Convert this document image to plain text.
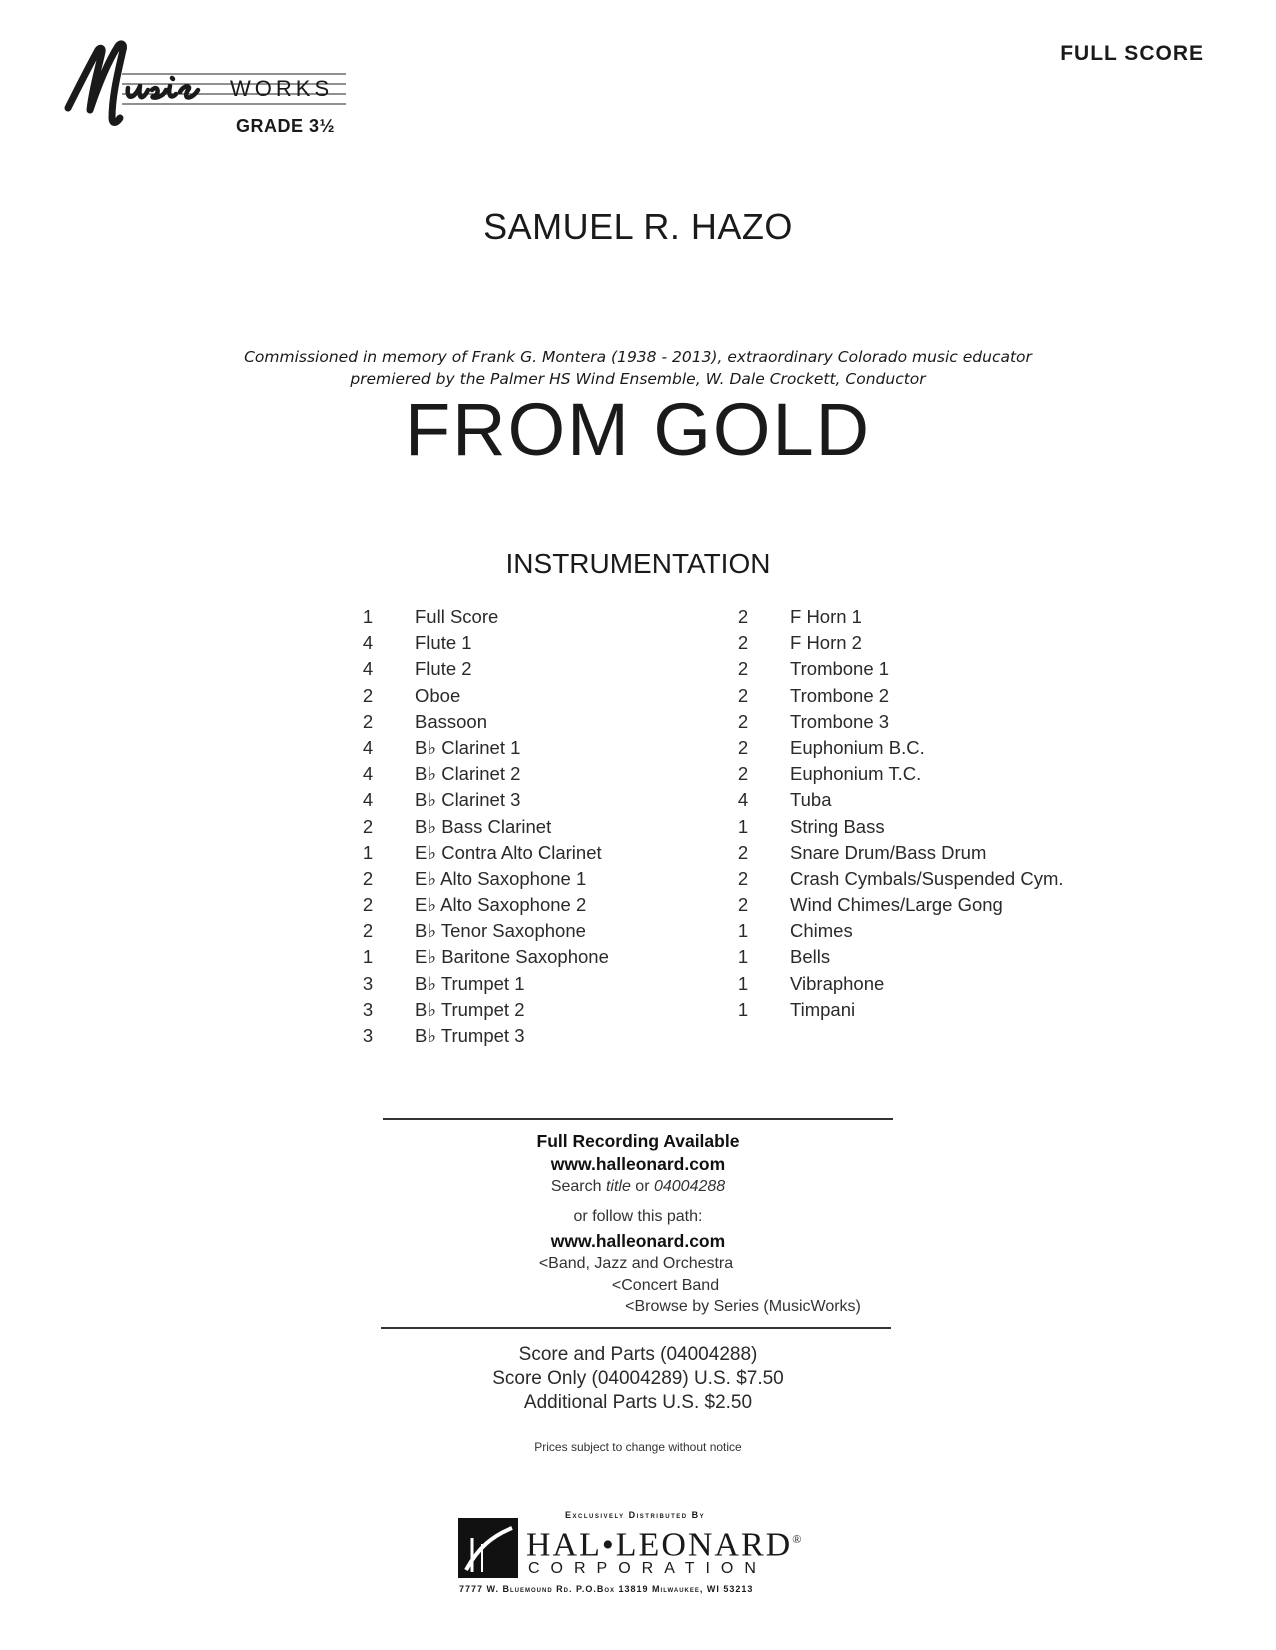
WORKS
GRADE 3½
FULL SCORE
SAMUEL R. HAZO
Commissioned in memory of Frank G. Montera (1938 - 2013), extraordinary Colorado music educator
premiered by the Palmer HS Wind Ensemble, W. Dale Crockett, Conductor
FROM GOLD
INSTRUMENTATION
1 Full Score
4 Flute 1
4 Flute 2
2 Oboe
2 Bassoon
4 B♭ Clarinet 1
4 B♭ Clarinet 2
4 B♭ Clarinet 3
2 B♭ Bass Clarinet
1 E♭ Contra Alto Clarinet
2 E♭ Alto Saxophone 1
2 E♭ Alto Saxophone 2
2 B♭ Tenor Saxophone
1 E♭ Baritone Saxophone
3 B♭ Trumpet 1
3 B♭ Trumpet 2
3 B♭ Trumpet 3
2 F Horn 1
2 F Horn 2
2 Trombone 1
2 Trombone 2
2 Trombone 3
2 Euphonium B.C.
2 Euphonium T.C.
4 Tuba
1 String Bass
2 Snare Drum/Bass Drum
2 Crash Cymbals/Suspended Cym.
2 Wind Chimes/Large Gong
1 Chimes
1 Bells
1 Vibraphone
1 Timpani
Full Recording Available
www.halleonard.com
Search title or 04004288
or follow this path:
www.halleonard.com
<Band, Jazz and Orchestra
<Concert Band
<Browse by Series (MusicWorks)
Score and Parts (04004288)
Score Only (04004289) U.S. $7.50
Additional Parts U.S. $2.50
Prices subject to change without notice
Exclusively Distributed By
HAL•LEONARD®
CORPORATION
7777 W. Bluemound Rd. P.O.Box 13819 Milwaukee, WI 53213
